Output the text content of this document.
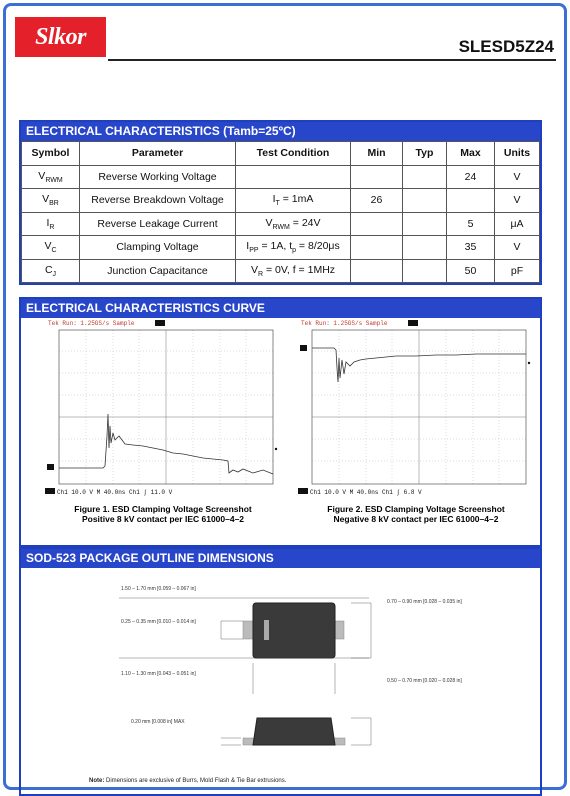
Slkor	SLESD5Z24
ELECTRICAL CHARACTERISTICS (Tamb=25ºC)
Symbol	Parameter	Test Condition	Min	Typ	Max	Units
$V_{RWM}$	Reverse Working Voltage				24	V
$V_{BR}$	Reverse Breakdown Voltage	$I_T = 1mA$	26			V
$I_R$	Reverse Leakage Current	$V_{RWM} = 24V$			5	μA
$V_C$	Clamping Voltage	$I_{PP} = 1A$, $t_p = 8/20\mu s$			35	V
$C_J$	Junction Capacitance	$V_R = 0V$, f = 1MHz			50	pF
ELECTRICAL CHARACTERISTICS CURVE
Tek Run: 1.25GS/s Sample
Ch1 10.0 V M 40.0ns Ch1 ∫ 11.0 V
Figure 1. ESD Clamping Voltage Screenshot
Positive 8 kV contact per IEC 61000–4–2
Tek Run: 1.25GS/s Sample
Ch1 10.0 V M 40.0ns Ch1 ∫ 6.8 V
Figure 2. ESD Clamping Voltage Screenshot
Negative 8 kV contact per IEC 61000–4–2
SOD-523 PACKAGE OUTLINE DIMENSIONS
1.50 – 1.70 mm [0.059 – 0.067 in]
0.25 – 0.35 mm [0.010 – 0.014 in]
1.10 – 1.30 mm [0.043 – 0.051 in]
0.70 – 0.90 mm [0.028 – 0.035 in]
0.50 – 0.70 mm [0.020 – 0.028 in]
0.20 mm [0.008 in] MAX
Note: Dimensions are exclusive of Burrs, Mold Flash & Tie Bar extrusions.
